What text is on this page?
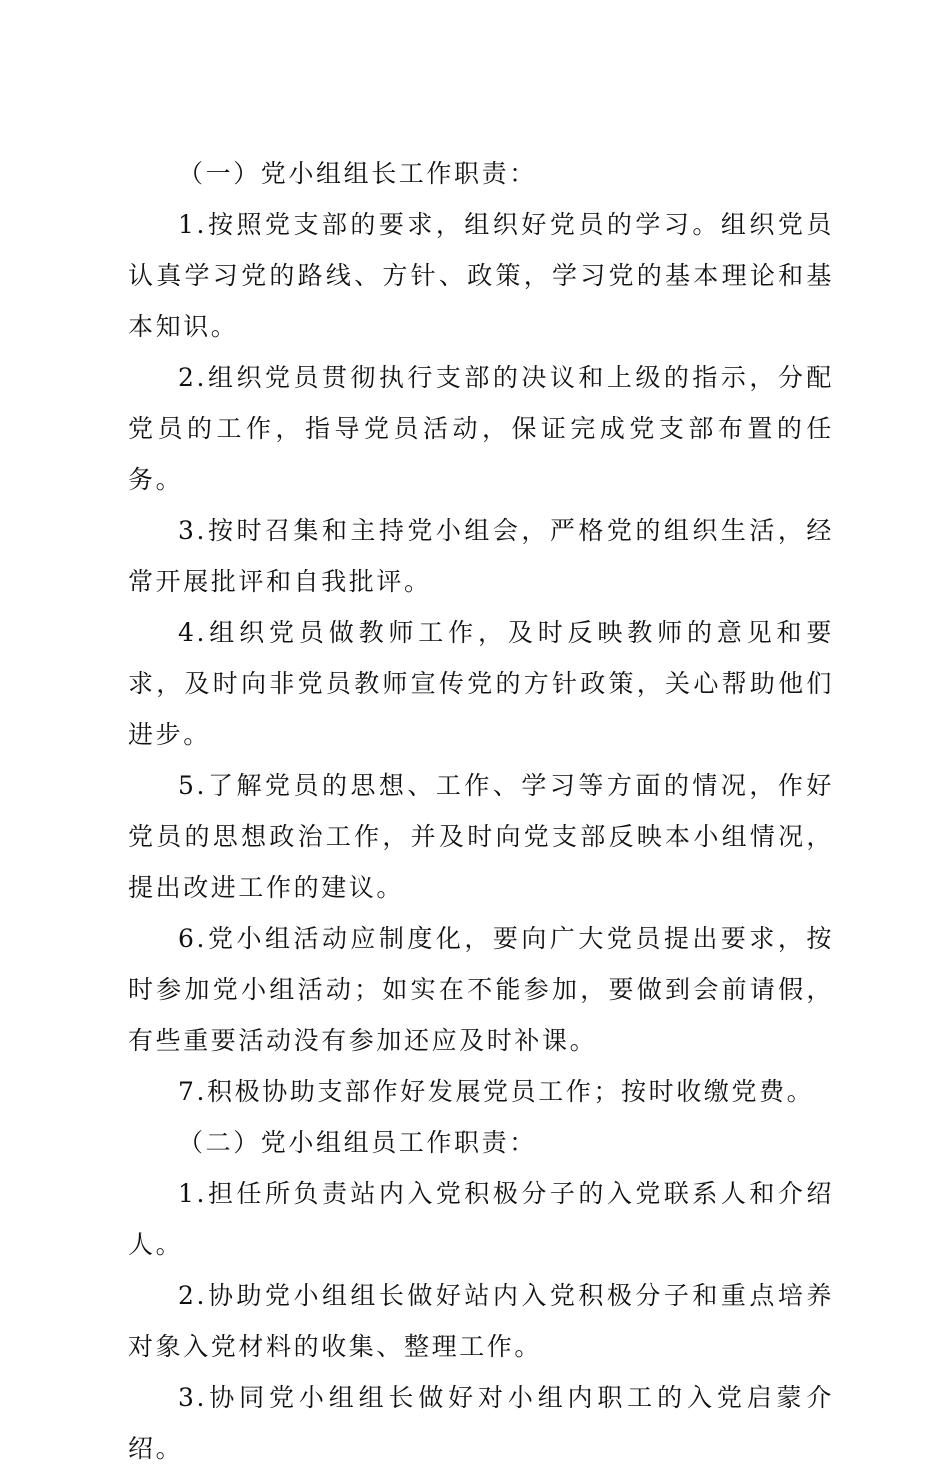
（一）党小组组长工作职责：

1.按照党支部的要求，组织好党员的学习。组织党员认真学习党的路线、方针、政策，学习党的基本理论和基本知识。

2.组织党员贯彻执行支部的决议和上级的指示，分配党员的工作，指导党员活动，保证完成党支部布置的任务。

3.按时召集和主持党小组会，严格党的组织生活，经常开展批评和自我批评。

4.组织党员做教师工作，及时反映教师的意见和要求，及时向非党员教师宣传党的方针政策，关心帮助他们进步。

5.了解党员的思想、工作、学习等方面的情况，作好党员的思想政治工作，并及时向党支部反映本小组情况，提出改进工作的建议。

6.党小组活动应制度化，要向广大党员提出要求，按时参加党小组活动；如实在不能参加，要做到会前请假，有些重要活动没有参加还应及时补课。

7.积极协助支部作好发展党员工作；按时收缴党费。

（二）党小组组员工作职责：

1.担任所负责站内入党积极分子的入党联系人和介绍人。

2.协助党小组组长做好站内入党积极分子和重点培养对象入党材料的收集、整理工作。

3.协同党小组组长做好对小组内职工的入党启蒙介绍。
